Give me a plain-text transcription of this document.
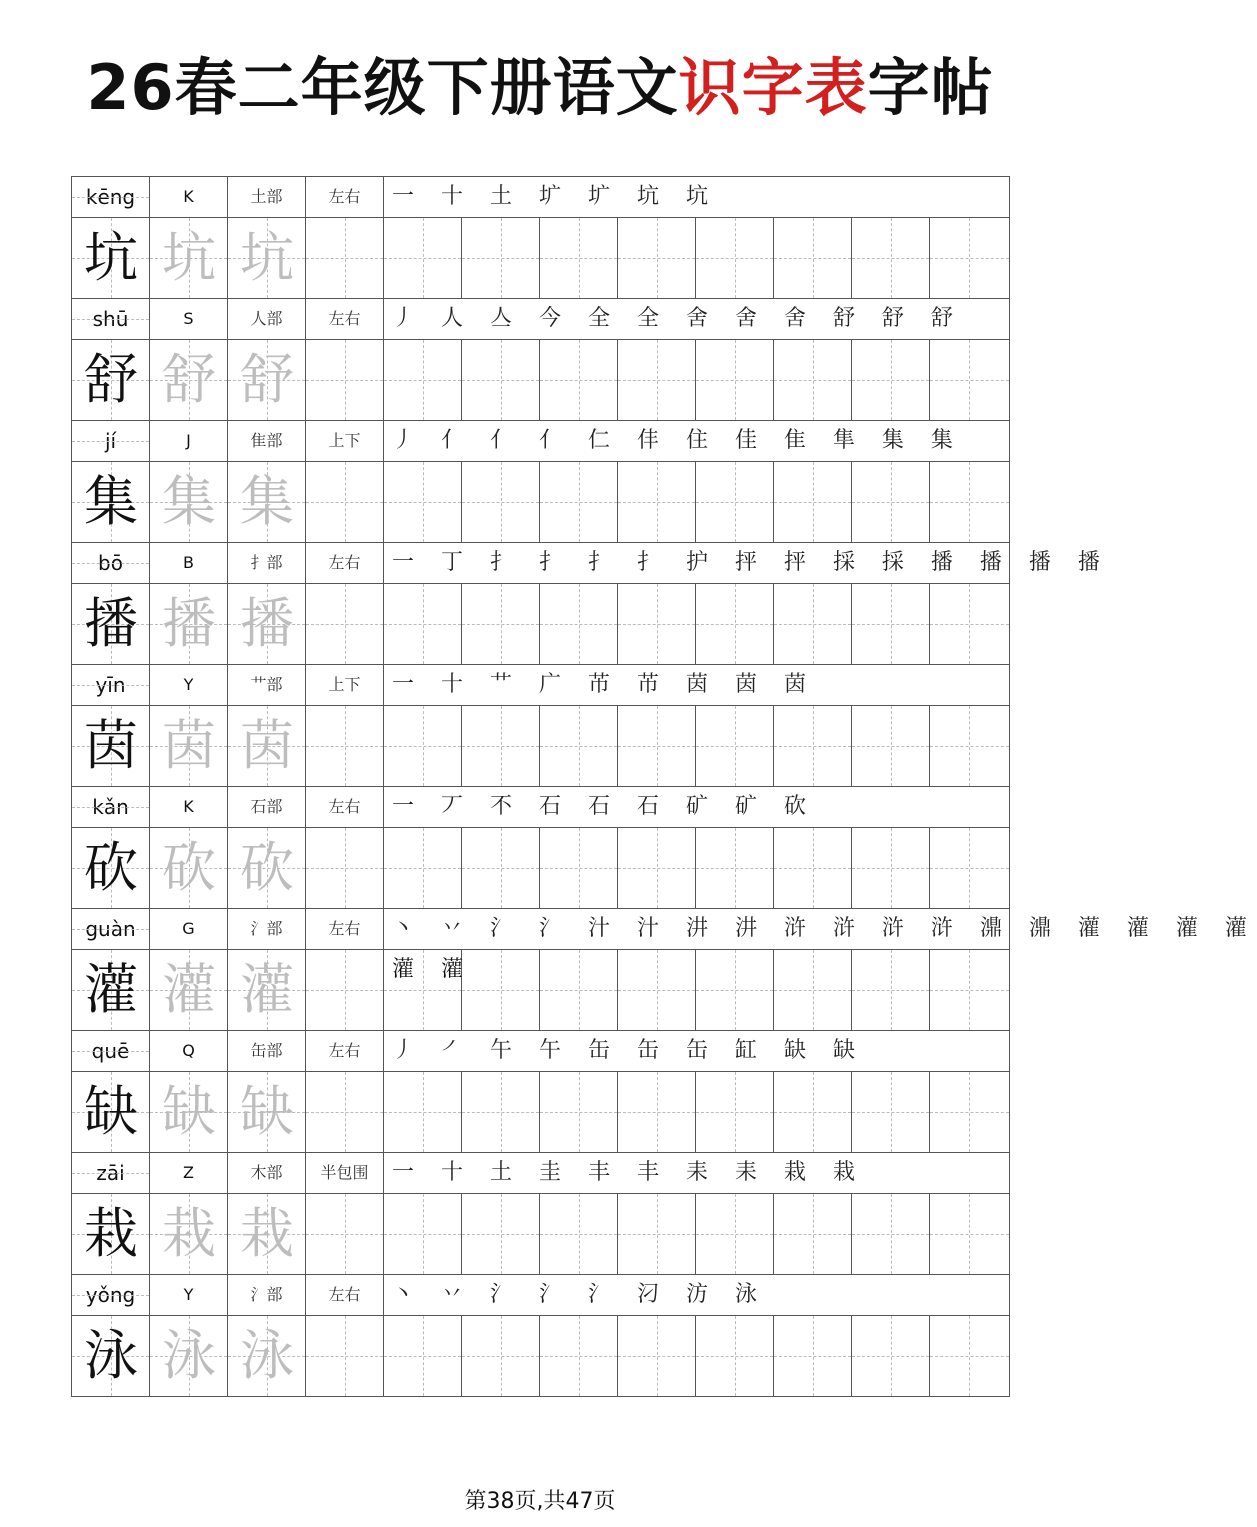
26春二年级下册语文识字表字帖
kēng	K	土部	左右	一 十 土 圹 圹 坑 坑
坑 坑 坑
shū	S	人部	左右	丿 人 亼 今 全 全 舍 舍 舍 舒 舒 舒
舒 舒 舒
jí	J	隹部	上下	丿 亻 亻 亻 仁 仹 住 佳 隹 隼 集 集
集 集 集
bō	B	扌部	左右	一 丁 扌 扌 扌 扌 护 抨 抨 採 採 播 播 播 播
播 播 播
yīn	Y	艹部	上下	一 十 艹 广 芇 芇 茵 茵 茵
茵 茵 茵
kǎn	K	石部	左右	一 丆 不 石 石 石 矿 矿 砍
砍 砍 砍
guàn	G	氵部	左右	丶 丷 氵 氵 汁 汁 汫 汫 浒 浒 浒 浒 濎 濎 灌 灌 灌 灌
灌 灌 灌	灌 灌
quē	Q	缶部	左右	丿 ㇒ 午 午 缶 缶 缶 缸 缺 缺
缺 缺 缺
zāi	Z	木部	半包围	一 十 土 圭 丰 丰 耒 耒 栽 栽
栽 栽 栽
yǒng	Y	氵部	左右	丶 丷 氵 氵 氵 汈 汸 泳
泳 泳 泳
第38页,共47页
